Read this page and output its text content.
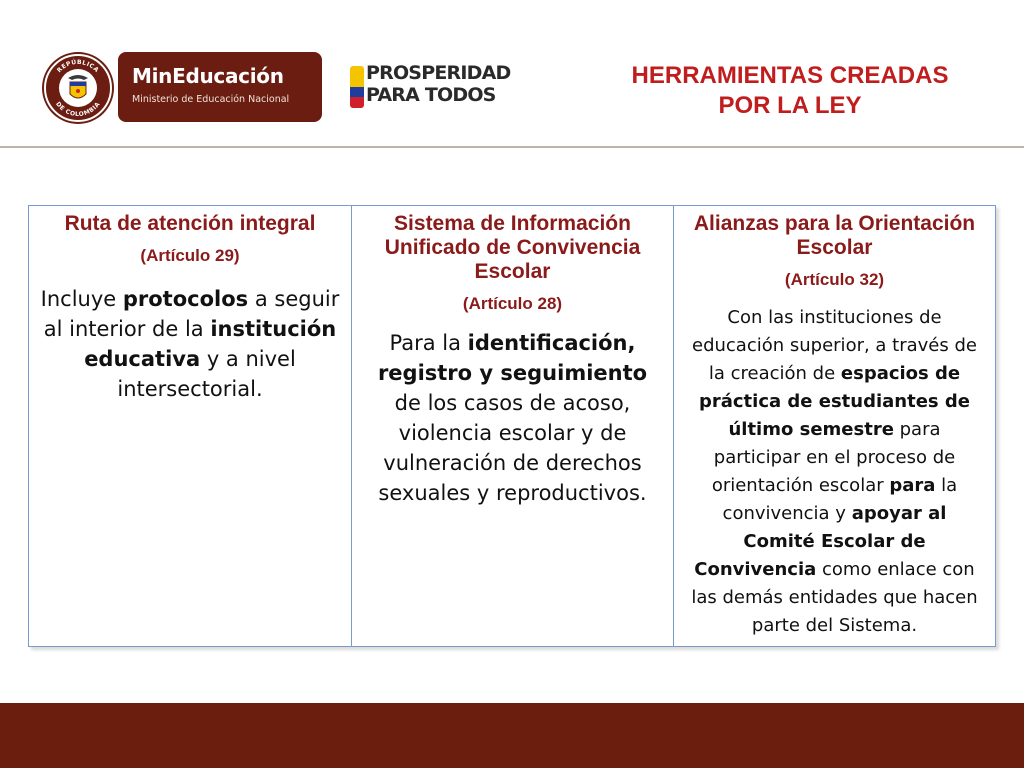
REPÚBLICA
DE COLOMBIA
MinEducación
Ministerio de Educación Nacional
PROSPERIDAD
PARA TODOS
HERRAMIENTAS CREADAS
POR LA LEY
Ruta de atención integral
(Artículo 29)
Incluye protocolos a seguir al interior de la institución educativa y a nivel intersectorial.
Sistema de Información Unificado de Convivencia Escolar
(Artículo 28)
Para la identificación, registro y seguimiento de los casos de acoso, violencia escolar y de vulneración de derechos sexuales y reproductivos.
Alianzas para la Orientación Escolar
(Artículo 32)
Con las instituciones de educación superior, a través de la creación de espacios de práctica de estudiantes de último semestre para participar en el proceso de orientación escolar para la convivencia y apoyar al Comité Escolar de Convivencia como enlace con las demás entidades que hacen parte del Sistema.
